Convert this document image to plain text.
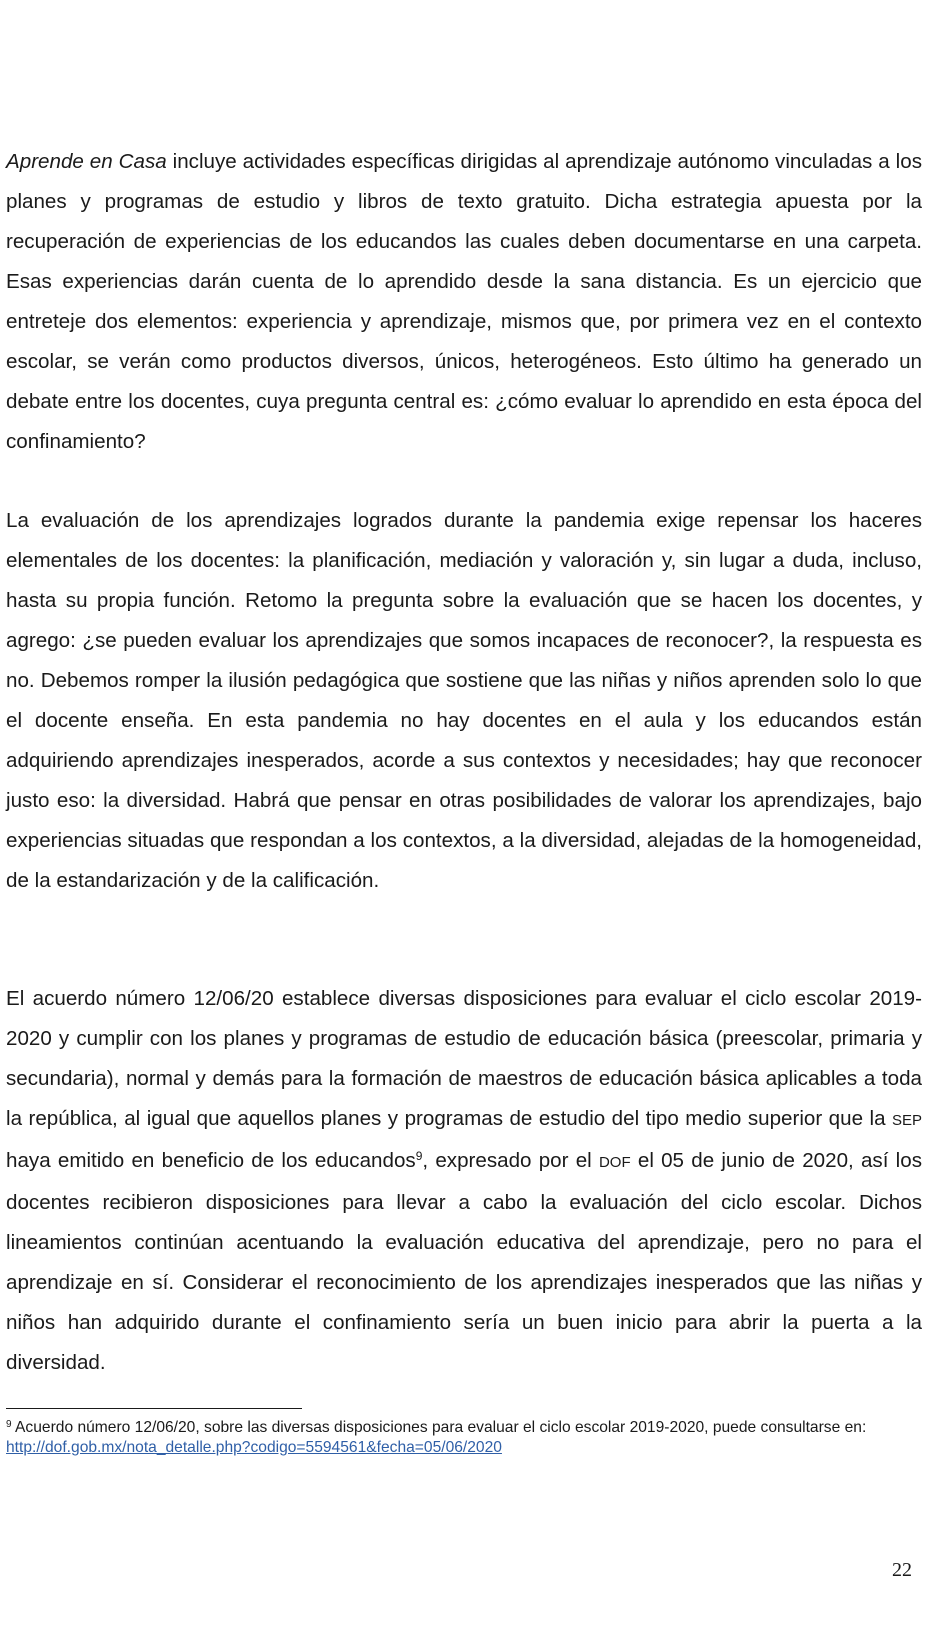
Aprende en Casa incluye actividades específicas dirigidas al aprendizaje autónomo vinculadas a los planes y programas de estudio y libros de texto gratuito. Dicha estrategia apuesta por la recuperación de experiencias de los educandos las cuales deben documentarse en una carpeta. Esas experiencias darán cuenta de lo aprendido desde la sana distancia. Es un ejercicio que entreteje dos elementos: experiencia y aprendizaje, mismos que, por primera vez en el contexto escolar, se verán como productos diversos, únicos, heterogéneos. Esto último ha generado un debate entre los docentes, cuya pregunta central es: ¿cómo evaluar lo aprendido en esta época del confinamiento?

La evaluación de los aprendizajes logrados durante la pandemia exige repensar los haceres elementales de los docentes: la planificación, mediación y valoración y, sin lugar a duda, incluso, hasta su propia función. Retomo la pregunta sobre la evaluación que se hacen los docentes, y agrego: ¿se pueden evaluar los aprendizajes que somos incapaces de reconocer?, la respuesta es no. Debemos romper la ilusión pedagógica que sostiene que las niñas y niños aprenden solo lo que el docente enseña. En esta pandemia no hay docentes en el aula y los educandos están adquiriendo aprendizajes inesperados, acorde a sus contextos y necesidades; hay que reconocer justo eso: la diversidad. Habrá que pensar en otras posibilidades de valorar los aprendizajes, bajo experiencias situadas que respondan a los contextos, a la diversidad, alejadas de la homogeneidad, de la estandarización y de la calificación.

El acuerdo número 12/06/20 establece diversas disposiciones para evaluar el ciclo escolar 2019-2020 y cumplir con los planes y programas de estudio de educación básica (preescolar, primaria y secundaria), normal y demás para la formación de maestros de educación básica aplicables a toda la república, al igual que aquellos planes y programas de estudio del tipo medio superior que la SEP haya emitido en beneficio de los educandos$^9$, expresado por el DOF el 05 de junio de 2020, así los docentes recibieron disposiciones para llevar a cabo la evaluación del ciclo escolar. Dichos lineamientos continúan acentuando la evaluación educativa del aprendizaje, pero no para el aprendizaje en sí. Considerar el reconocimiento de los aprendizajes inesperados que las niñas y niños han adquirido durante el confinamiento sería un buen inicio para abrir la puerta a la diversidad.

$^9$ Acuerdo número 12/06/20, sobre las diversas disposiciones para evaluar el ciclo escolar 2019-2020, puede consultarse en: http://dof.gob.mx/nota_detalle.php?codigo=5594561&fecha=05/06/2020

22
